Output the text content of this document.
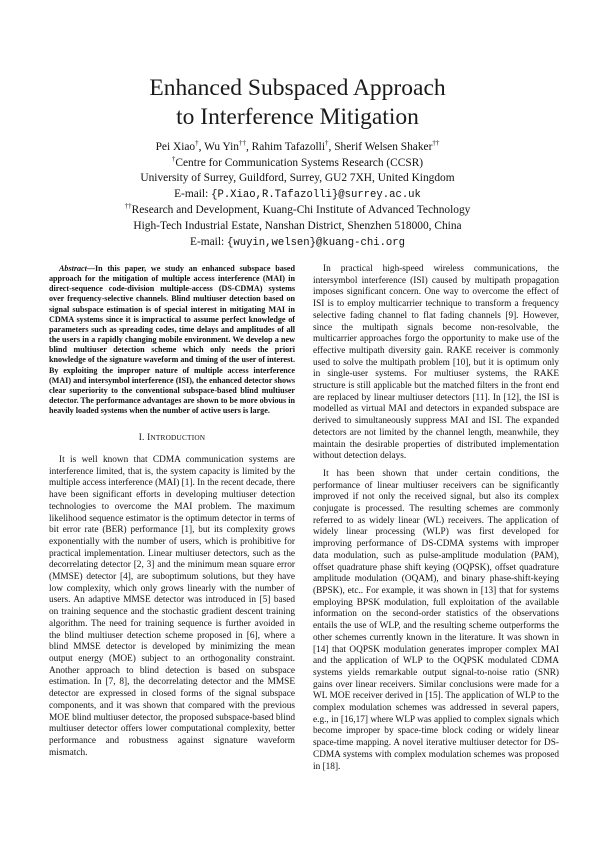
Enhanced Subspaced Approach
to Interference Mitigation
Pei Xiao†, Wu Yin††, Rahim Tafazolli†, Sherif Welsen Shaker††
†Centre for Communication Systems Research (CCSR)
University of Surrey, Guildford, Surrey, GU2 7XH, United Kingdom
E-mail: {P.Xiao,R.Tafazolli}@surrey.ac.uk
††Research and Development, Kuang-Chi Institute of Advanced Technology
High-Tech Industrial Estate, Nanshan District, Shenzhen 518000, China
E-mail: {wuyin,welsen}@kuang-chi.org

Abstract—In this paper, we study an enhanced subspace based approach for the mitigation of multiple access interference (MAI) in direct-sequence code-division multiple-access (DS-CDMA) systems over frequency-selective channels. Blind multiuser detection based on signal subspace estimation is of special interest in mitigating MAI in CDMA systems since it is impractical to assume perfect knowledge of parameters such as spreading codes, time delays and amplitudes of all the users in a rapidly changing mobile environment. We develop a new blind multiuser detection scheme which only needs the priori knowledge of the signature waveform and timing of the user of interest. By exploiting the improper nature of multiple access interference (MAI) and intersymbol interference (ISI), the enhanced detector shows clear superiority to the conventional subspace-based blind multiuser detector. The performance advantages are shown to be more obvious in heavily loaded systems when the number of active users is large.

I. INTRODUCTION

It is well known that CDMA communication systems are interference limited, that is, the system capacity is limited by the multiple access interference (MAI) [1]. In the recent decade, there have been significant efforts in developing multiuser detection technologies to overcome the MAI problem. The maximum likelihood sequence estimator is the optimum detector in terms of bit error rate (BER) performance [1], but its complexity grows exponentially with the number of users, which is prohibitive for practical implementation. Linear multiuser detectors, such as the decorrelating detector [2, 3] and the minimum mean square error (MMSE) detector [4], are suboptimum solutions, but they have low complexity, which only grows linearly with the number of users. An adaptive MMSE detector was introduced in [5] based on training sequence and the stochastic gradient descent training algorithm. The need for training sequence is further avoided in the blind multiuser detection scheme proposed in [6], where a blind MMSE detector is developed by minimizing the mean output energy (MOE) subject to an orthogonality constraint. Another approach to blind detection is based on subspace estimation. In [7, 8], the decorrelating detector and the MMSE detector are expressed in closed forms of the signal subspace components, and it was shown that compared with the previous MOE blind multiuser detector, the proposed subspace-based blind multiuser detector offers lower computational complexity, better performance and robustness against signature waveform mismatch.

In practical high-speed wireless communications, the intersymbol interference (ISI) caused by multipath propagation imposes significant concern. One way to overcome the effect of ISI is to employ multicarrier technique to transform a frequency selective fading channel to flat fading channels [9]. However, since the multipath signals become non-resolvable, the multicarrier approaches forgo the opportunity to make use of the effective multipath diversity gain. RAKE receiver is commonly used to solve the multipath problem [10], but it is optimum only in single-user systems. For multiuser systems, the RAKE structure is still applicable but the matched filters in the front end are replaced by linear multiuser detectors [11]. In [12], the ISI is modelled as virtual MAI and detectors in expanded subspace are derived to simultaneously suppress MAI and ISI. The expanded detectors are not limited by the channel length, meanwhile, they maintain the desirable properties of distributed implementation without detection delays.

It has been shown that under certain conditions, the performance of linear multiuser receivers can be significantly improved if not only the received signal, but also its complex conjugate is processed. The resulting schemes are commonly referred to as widely linear (WL) receivers. The application of widely linear processing (WLP) was first developed for improving performance of DS-CDMA systems with improper data modulation, such as pulse-amplitude modulation (PAM), offset quadrature phase shift keying (OQPSK), offset quadrature amplitude modulation (OQAM), and binary phase-shift-keying (BPSK), etc.. For example, it was shown in [13] that for systems employing BPSK modulation, full exploitation of the available information on the second-order statistics of the observations entails the use of WLP, and the resulting scheme outperforms the other schemes currently known in the literature. It was shown in [14] that OQPSK modulation generates improper complex MAI and the application of WLP to the OQPSK modulated CDMA systems yields remarkable output signal-to-noise ratio (SNR) gains over linear receivers. Similar conclusions were made for a WL MOE receiver derived in [15]. The application of WLP to the complex modulation schemes was addressed in several papers, e.g., in [16,17] where WLP was applied to complex signals which become improper by space-time block coding or widely linear space-time mapping. A novel iterative multiuser detector for DS-CDMA systems with complex modulation schemes was proposed in [18].
